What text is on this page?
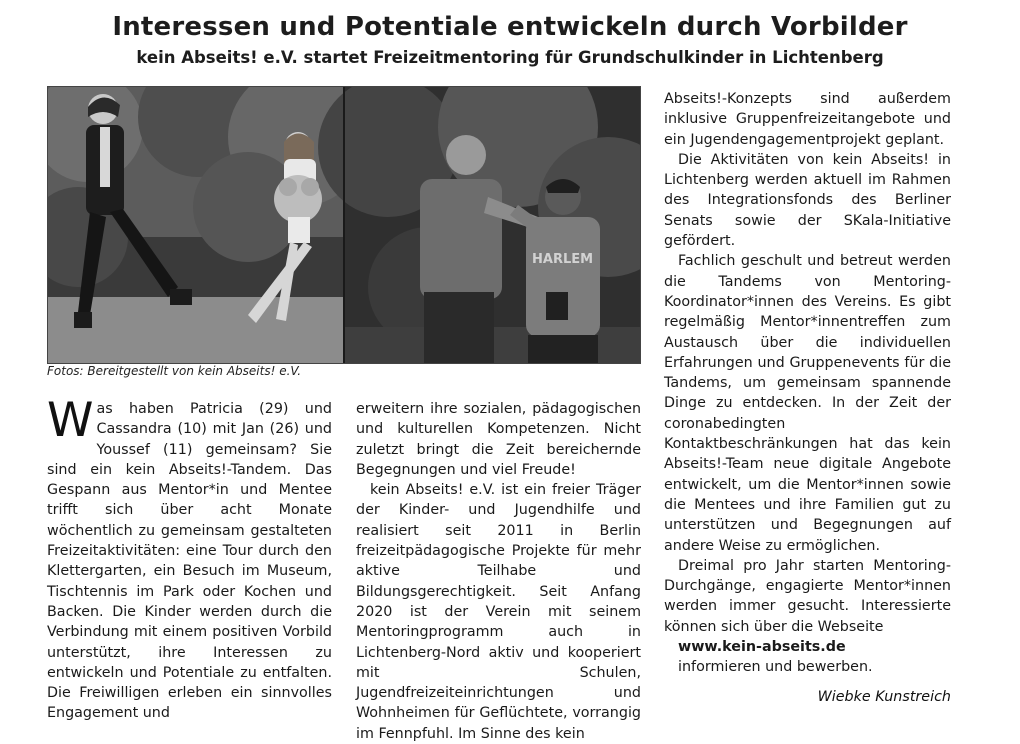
Interessen und Potentiale entwickeln durch Vorbilder
kein Abseits! e.V. startet Freizeitmentoring für Grundschulkinder in Lichtenberg
HARLEM
Fotos: Bereitgestellt von kein Abseits! e.V.

Was haben Patricia (29) und Cassandra (10) mit Jan (26) und Youssef (11) gemeinsam? Sie sind ein kein Abseits!-Tandem. Das Gespann aus Mentor*in und Mentee trifft sich über acht Monate wöchentlich zu gemeinsam gestalteten Freizeitaktivitäten: eine Tour durch den Klettergarten, ein Besuch im Museum, Tischtennis im Park oder Kochen und Backen. Die Kinder werden durch die Verbindung mit einem positiven Vorbild unterstützt, ihre Interessen zu entwickeln und Potentiale zu entfalten. Die Freiwilligen erleben ein sinnvolles Engagement und

erweitern ihre sozialen, pädagogischen und kulturellen Kompetenzen. Nicht zuletzt bringt die Zeit bereichernde Begegnungen und viel Freude!

kein Abseits! e.V. ist ein freier Träger der Kinder- und Jugendhilfe und realisiert seit 2011 in Berlin freizeitpädagogische Projekte für mehr aktive Teilhabe und Bildungsgerechtigkeit. Seit Anfang 2020 ist der Verein mit seinem Mentoringprogramm auch in Lichtenberg-Nord aktiv und kooperiert mit Schulen, Jugendfreizeiteinrichtungen und Wohnheimen für Geflüchtete, vorrangig im Fennpfuhl. Im Sinne des kein

Abseits!-Konzepts sind außerdem inklusive Gruppenfreizeitangebote und ein Jugendengagementprojekt geplant.

Die Aktivitäten von kein Abseits! in Lichtenberg werden aktuell im Rahmen des Integrationsfonds des Berliner Senats sowie der SKala-Initiative gefördert.

Fachlich geschult und betreut werden die Tandems von Mentoring-Koordinator*innen des Vereins. Es gibt regelmäßig Mentor*innentreffen zum Austausch über die individuellen Erfahrungen und Gruppenevents für die Tandems, um gemeinsam spannende Dinge zu entdecken. In der Zeit der coronabedingten Kontaktbeschränkungen hat das kein Abseits!-Team neue digitale Angebote entwickelt, um die Mentor*innen sowie die Mentees und ihre Familien gut zu unterstützen und Begegnungen auf andere Weise zu ermöglichen.

Dreimal pro Jahr starten Mentoring-Durchgänge, engagierte Mentor*innen werden immer gesucht. Interessierte können sich über die Webseite

www.kein-abseits.de
informieren und bewerben.
Wiebke Kunstreich
